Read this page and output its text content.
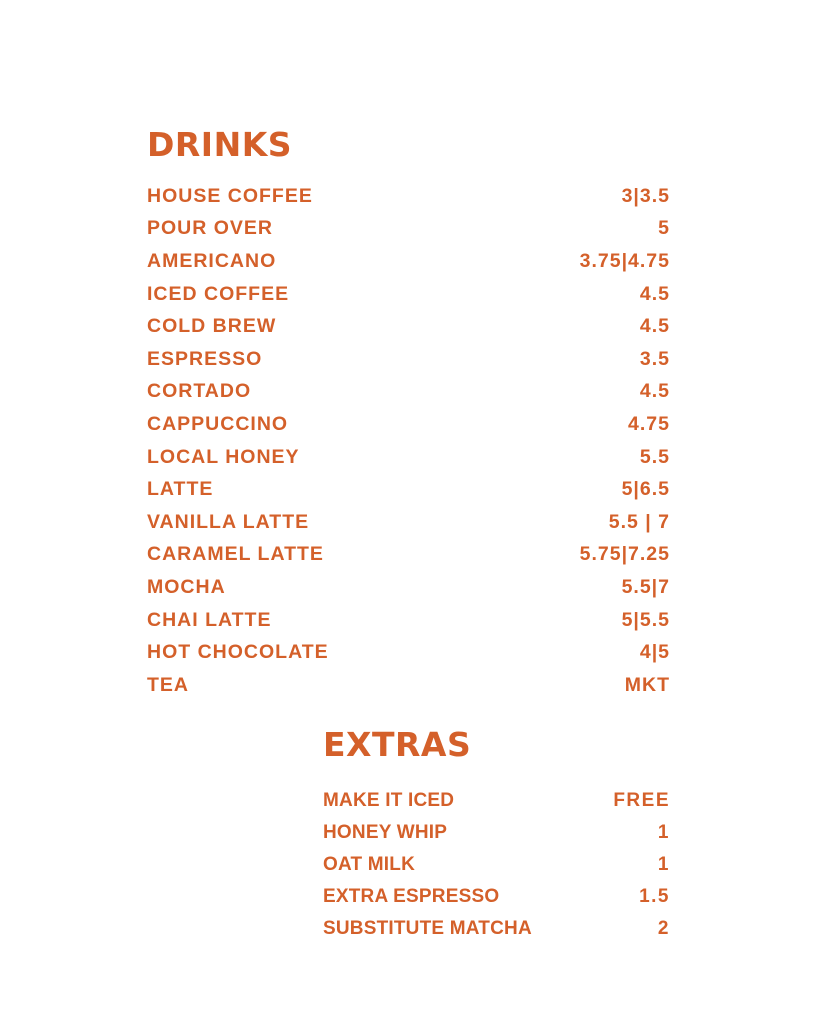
DRINKS
HOUSE COFFEE	3|3.5
POUR OVER	5
AMERICANO	3.75|4.75
ICED COFFEE	4.5
COLD BREW	4.5
ESPRESSO	3.5
CORTADO	4.5
CAPPUCCINO	4.75
LOCAL HONEY	5.5
LATTE	5|6.5
VANILLA LATTE	5.5 | 7
CARAMEL LATTE	5.75|7.25
MOCHA	5.5|7
CHAI LATTE	5|5.5
HOT CHOCOLATE	4|5
TEA	MKT
EXTRAS
MAKE IT ICED	FREE
HONEY WHIP	1
OAT MILK	1
EXTRA ESPRESSO	1.5
SUBSTITUTE MATCHA	2
